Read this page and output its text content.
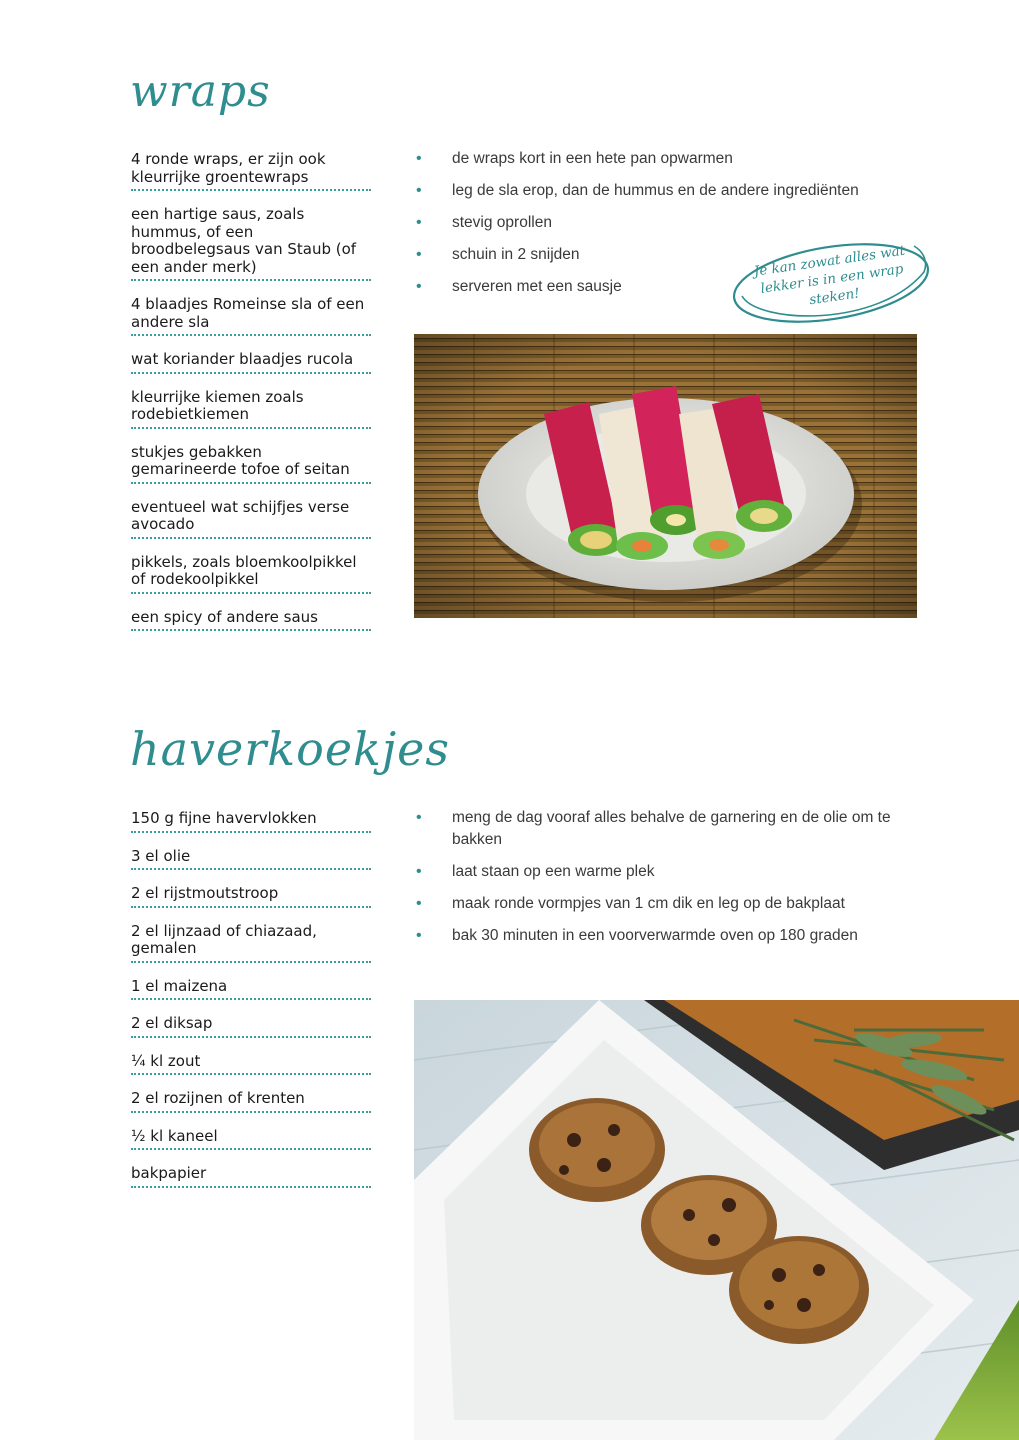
wraps
4 ronde wraps, er zijn ook kleurrijke groentewraps
een hartige saus, zoals hummus, of een broodbelegsaus van Staub (of een ander merk)
4 blaadjes Romeinse sla of een andere sla
wat koriander blaadjes rucola
kleurrijke kiemen zoals rodebietkiemen
stukjes gebakken gemarineerde tofoe of seitan
eventueel wat schijfjes verse avocado
pikkels, zoals bloemkoolpikkel of rodekoolpikkel
een spicy of andere saus
• de wraps kort in een hete pan opwarmen
• leg de sla erop, dan de hummus en de andere ingrediënten
• stevig oprollen
• schuin in 2 snijden
• serveren met een sausje
Je kan zowat alles wat lekker is in een wrap steken!
haverkoekjes
150 g fijne havervlokken
3 el olie
2 el rijstmoutstroop
2 el lijnzaad of chiazaad, gemalen
1 el maizena
2 el diksap
¼ kl zout
2 el rozijnen of krenten
½ kl kaneel
bakpapier
• meng de dag vooraf alles behalve de garnering en de olie om te bakken
• laat staan op een warme plek
• maak ronde vormpjes van 1 cm dik en leg op de bakplaat
• bak 30 minuten in een voorverwarmde oven op 180 graden
